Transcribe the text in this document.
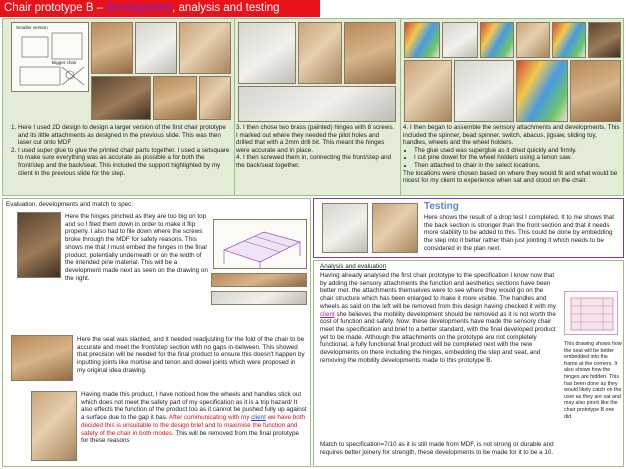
Chair prototype B – development, analysis and testing
Smaller version
Bigger chair
1. Here I used 2D design to design a larger version of the first chair prototype and its little attachments as designed in the previous slide. This was then laser cut onto MDF
2. I used super glue to glue the printed chair parts together. I used a setsquare to make sure everything was as accurate as possible a for both the front/step and the back/seat. This included the support highlighted by my client in the previous slide for the step.
3. I then chose two brass (painted) hinges with 8 screws. I marked out where they needed the pilot holes and drilled that with a 2mm drill bit. This meant the hinges were accurate and in place.
4. I then screwed them in, connecting the front/step and the back/seat together.
4. I then began to assemble the sensory attachments and developments. This included the spinner, bead spinner, switch, abacus, jigsaw, sliding toy, handles, wheels and the wheel holders.
• The glue used was superglue as it dried quickly and firmly.
• I cut pine dowel for the wheel holders using a tenon saw.
• Then attached to chair in the select locations.
The locations were chosen based on where they would fit and what would be nicest for my client to experience when sat and stood on the chair.
Evaluation, developments and match to spec.
Here the hinges pinched as they are too big on top and so I filed them down in order to make it flip properly. I also had to file down where the screws broke through the MDF for safety reasons. This shows me that I must embed the hinges in the final product, potentially underneath or on the width of the intended pine material. This will be a development made next as seen on the drawing on the right.
Here the seat was slanted, and it needed readjusting for the fold of the chair to be accurate and meet the front/step section with no gaps in-between. This showed that precision will be needed for the final product to ensure this doesn't happen by inputting joints like mortise and tenon and dowel joints which were proposed in my original idea drawing.
Having made this product, I have noticed how the wheels and handles stick out which does not meet the safety part of my specification as it is a trip hazard/ It also effects the function of the product too as it cannot be pushed fully up against a surface due to the gap it has. After communicating with my client we have both decided this is unsuitable to the design brief and to maximise the function and safety of the chair in both modes. This will be removed from the final prototype for these reasons
Testing
Here shows the result of a drop test I completed. It to me shows that the back section is stronger than the front section and that it needs more stability to be added to this. This could be done by embedding the step into it better rather than just jointing it which needs to be considered in the plan next.
Analysis and evaluation
Having already analysed the first chair prototype to the specification I know now that by adding the sensory attachments the function and aesthetics sections have been better met. the attachments themselves were to see where they would go on the chair structure which has been enlarged to make it more visible. The handles and wheels as said on the left will be removed from this design having checked it with my client she believes the mobility development should be removed as it is not worth the cost of function and safety. Now: these developments have made the sensory chair meet the specification and brief to a better standard, with the final developed product yet to be made. Although the attachments on the prototype are not completely functional, a fully functional final product will be completed next with the new developments on there including the hinges, embedding the step and seat, and removing the mobility developments made to this prototype B.
Match to specification=7/10 as it is still made from MDF, is not strong or durable and requires better joinery for strength, these developments to be made for it to be a 10.
This drawing shows how the seat will be better embedded into the frame at the corners. It also shows how the hinges are hidden. This has been done as they would likely catch on the user as they are sat and may also pinch like the chair prototype B one did.
